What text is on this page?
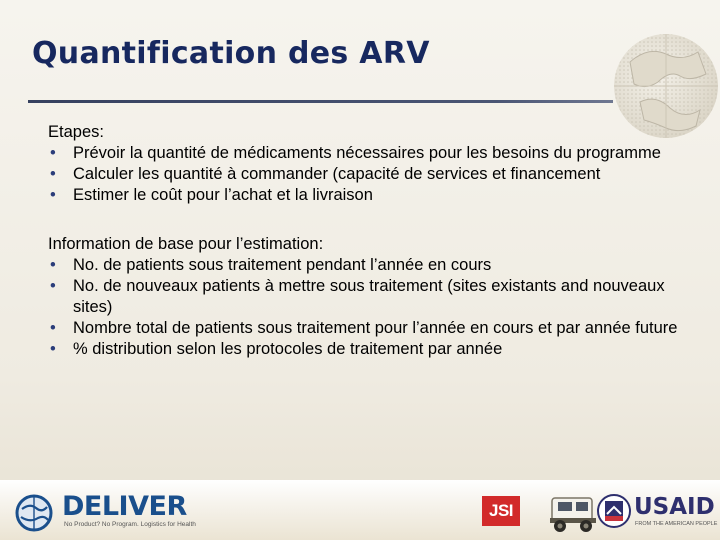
Quantification des ARV
Etapes:
• Prévoir la quantité de médicaments nécessaires pour les besoins du programme
• Calculer les quantité à commander (capacité de services et financement
• Estimer le coût pour l’achat et la livraison
Information de base pour l’estimation:
• No. de patients sous traitement pendant l’année en cours
• No. de nouveaux patients à mettre sous traitement (sites existants and nouveaux sites)
• Nombre total de patients sous traitement pour l’année en cours et par année future
• % distribution selon les protocoles de traitement par année
DELIVER
No Product? No Program. Logistics for Health
JSI	USAID
FROM THE AMERICAN PEOPLE
